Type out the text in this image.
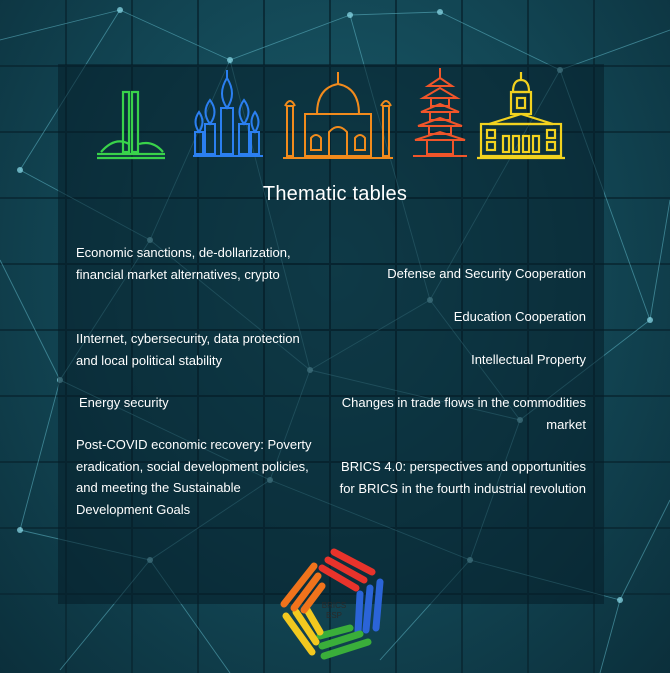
Thematic tables
Economic sanctions, de-dollarization,
financial market alternatives, crypto
IInternet, cybersecurity, data protection
and local political stability
Energy security
Post-COVID economic recovery: Poverty
eradication, social development policies,
and meeting the Sustainable
Development Goals
Defense and Security Cooperation
Education Cooperation
Intellectual Property
Changes in trade flows in the commodities
market
BRICS 4.0: perspectives and opportunities
for BRICS in the fourth industrial revolution
BRICS
BSP
